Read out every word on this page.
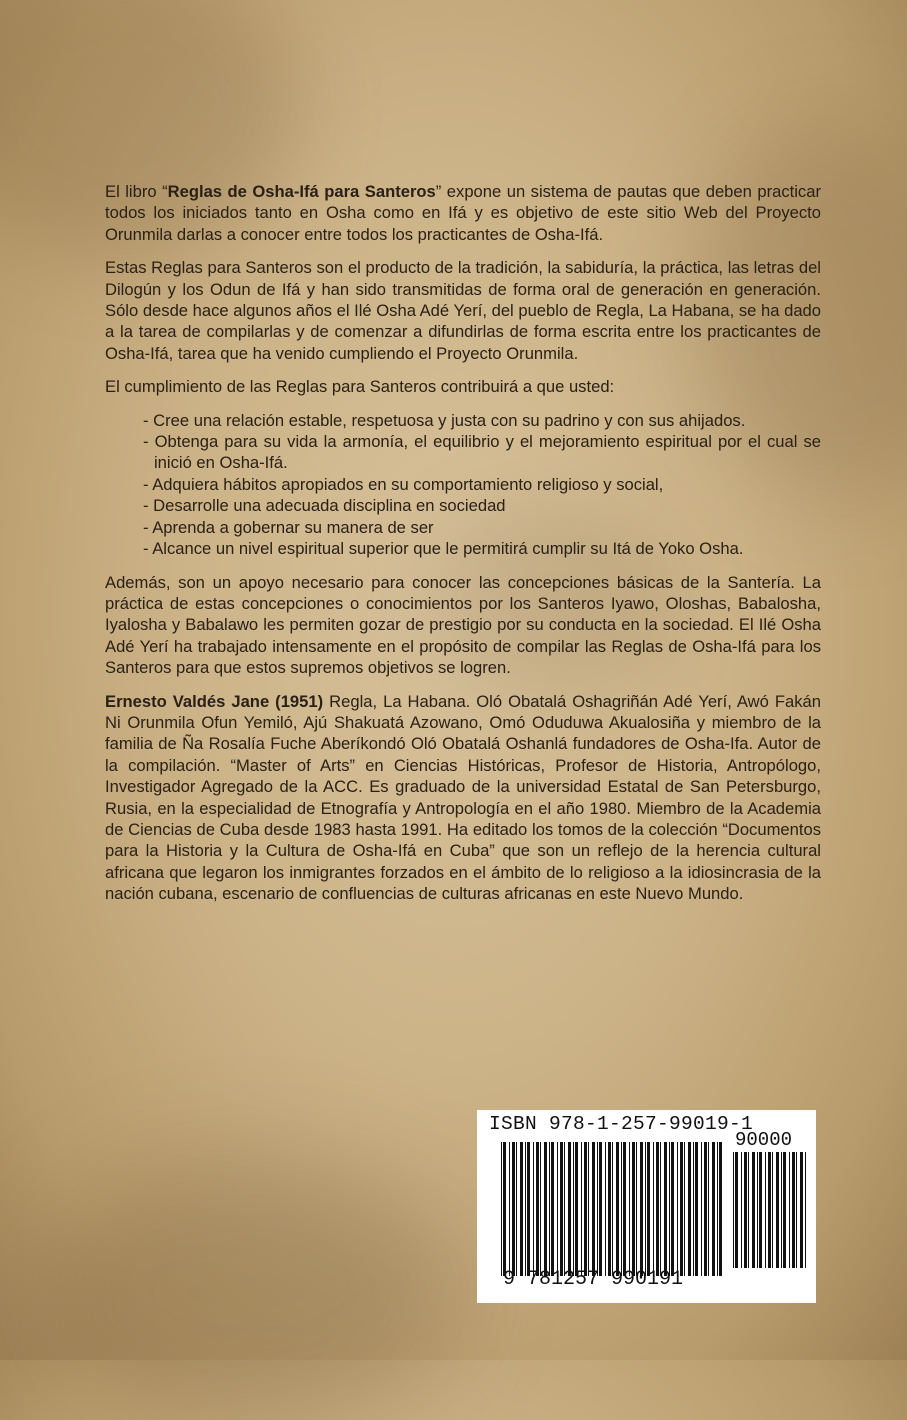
El libro “Reglas de Osha-Ifá para Santeros” expone un sistema de pautas que deben practicar todos los iniciados tanto en Osha como en Ifá y es objetivo de este sitio Web del Proyecto Orunmila darlas a conocer entre todos los practicantes de Osha-Ifá.

Estas Reglas para Santeros son el producto de la tradición, la sabiduría, la práctica, las letras del Dilogún y los Odun de Ifá y han sido transmitidas de forma oral de generación en generación. Sólo desde hace algunos años el Ilé Osha Adé Yerí, del pueblo de Regla, La Habana, se ha dado a la tarea de compilarlas y de comenzar a difundirlas de forma escrita entre los practicantes de Osha-Ifá, tarea que ha venido cumpliendo el Proyecto Orunmila.

El cumplimiento de las Reglas para Santeros contribuirá a que usted:

- Cree una relación estable, respetuosa y justa con su padrino y con sus ahijados.
- Obtenga para su vida la armonía, el equilibrio y el mejoramiento espiritual por el cual se inició en Osha-Ifá.
- Adquiera hábitos apropiados en su comportamiento religioso y social,
- Desarrolle una adecuada disciplina en sociedad
- Aprenda a gobernar su manera de ser
- Alcance un nivel espiritual superior que le permitirá cumplir su Itá de Yoko Osha.

Además, son un apoyo necesario para conocer las concepciones básicas de la Santería. La práctica de estas concepciones o conocimientos por los Santeros Iyawo, Oloshas, Babalosha, Iyalosha y Babalawo les permiten gozar de prestigio por su conducta en la sociedad. El Ilé Osha Adé Yerí ha trabajado intensamente en el propósito de compilar las Reglas de Osha-Ifá para los Santeros para que estos supremos objetivos se logren.

Ernesto Valdés Jane (1951) Regla, La Habana. Oló Obatalá Oshagriñán Adé Yerí, Awó Fakán Ni Orunmila Ofun Yemiló, Ajú Shakuatá Azowano, Omó Oduduwa Akualosiña y miembro de la familia de Ña Rosalía Fuche Aberíkondó Oló Obatalá Oshanlá fundadores de Osha-Ifa. Autor de la compilación. “Master of Arts” en Ciencias Históricas, Profesor de Historia, Antropólogo, Investigador Agregado de la ACC. Es graduado de la universidad Estatal de San Petersburgo, Rusia, en la especialidad de Etnografía y Antropología en el año 1980. Miembro de la Academia de Ciencias de Cuba desde 1983 hasta 1991. Ha editado los tomos de la colección “Documentos para la Historia y la Cultura de Osha-Ifá en Cuba” que son un reflejo de la herencia cultural africana que legaron los inmigrantes forzados en el ámbito de lo religioso a la idiosincrasia de la nación cubana, escenario de confluencias de culturas africanas en este Nuevo Mundo.

ISBN 978-1-257-99019-1
90000
9 781257 990191
